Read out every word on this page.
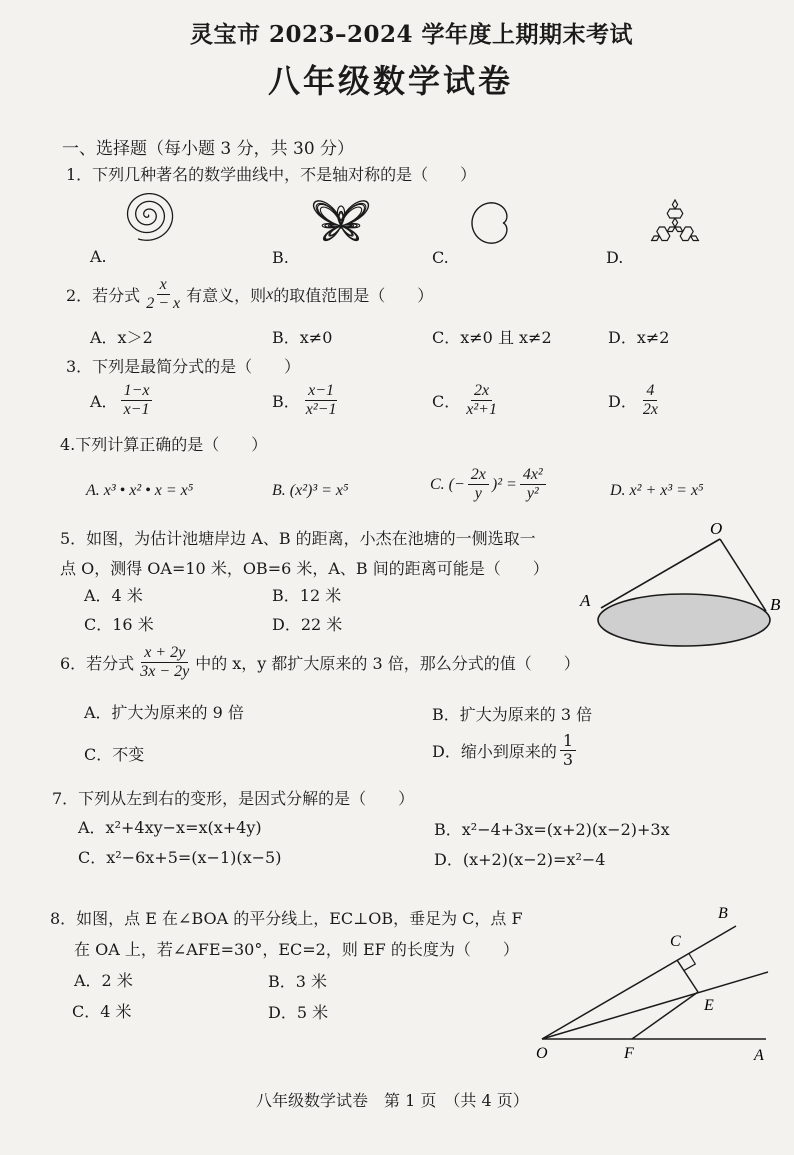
灵宝市 2023–2024 学年度上期期末考试
八年级数学试卷
一、选择题（每小题 3 分，共 30 分）
1．下列几种著名的数学曲线中，不是轴对称的是（　　）
A.	B.	C.	D.
2．若分式 $\frac{x}{2 - x}$ 有意义，则 x 的取值范围是（　　）
A．x＞2	B．x≠0	C．x≠0 且 x≠2	D．x≠2
3．下列是最简分式的是（　　）
A． $\frac{1-x}{x-1}$	B． $\frac{x-1}{\text{x²−1}}$	C． $\frac{2x}{\text{x²+1}}$	D． $\frac{4}{2x}$
4.下列计算正确的是（　　）
A. x³ • x² • x = x⁵	B. (x²)³ = x⁵	C. (− $\frac{2x}{y} )^2 = \frac{\text{4x²}}{\text{y²}}$	D. x² + x³ = x⁵
5．如图，为估计池塘岸边 A、B 的距离，小杰在池塘的一侧选取一
点 O，测得 OA=10 米，OB=6 米，A、B 间的距离可能是（　　）
A．4 米	B．12 米
C．16 米	D．22 米
O
A	B
6．若分式 $\frac{x + 2y}{3x - 2y}$ 中的 x，y 都扩大原来的 3 倍，那么分式的值（　　）
A．扩大为原来的 9 倍	B．扩大为原来的 3 倍
C．不变	D．缩小到原来的 $\frac{1}{3}$
7．下列从左到右的变形，是因式分解的是（　　）
A．x²+4xy−x=x(x+4y)	B．x²−4+3x=(x+2)(x−2)+3x
C．x²−6x+5=(x−1)(x−5)	D．(x+2)(x−2)=x²−4
8．如图，点 E 在∠BOA 的平分线上，EC⊥OB，垂足为 C，点 F
在 OA 上，若∠AFE=30°，EC=2，则 EF 的长度为（　　）
A．2 米	B．3 米
C．4 米	D．5 米
B
C
E
O	F	A
八年级数学试卷　第 1 页　（共 4 页）
